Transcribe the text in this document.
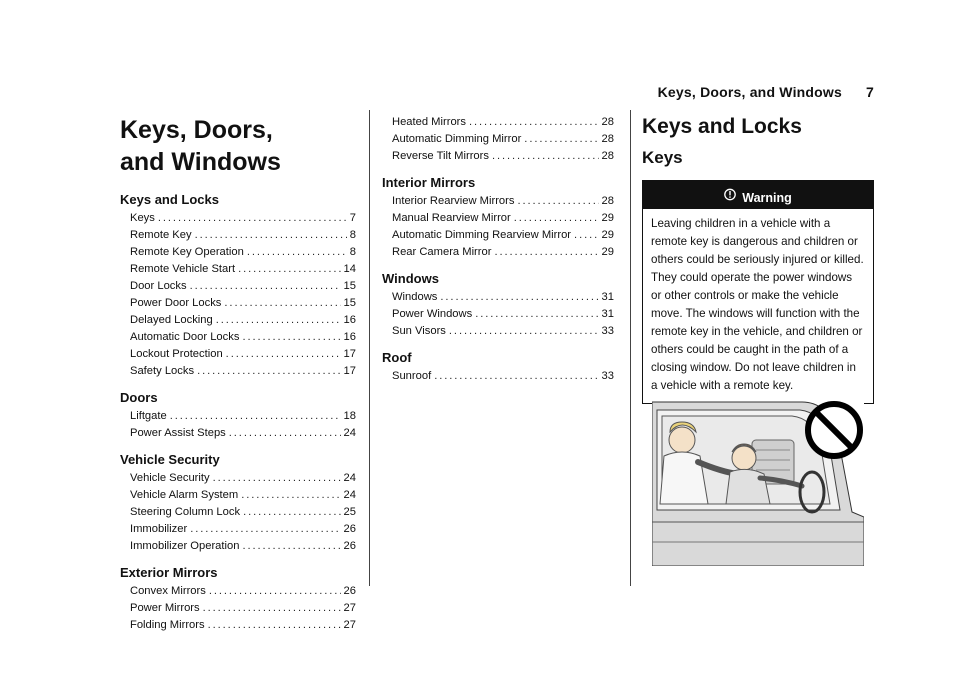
Keys, Doors, and Windows 7
Keys, Doors, and Windows
Keys and Locks
Keys . . .	7
Remote Key . . .	8
Remote Key Operation . . .	8
Remote Vehicle Start . . .	14
Door Locks . . .	15
Power Door Locks . . .	15
Delayed Locking . . .	16
Automatic Door Locks . . .	16
Lockout Protection . . .	17
Safety Locks . . .	17
Doors
Liftgate . . .	18
Power Assist Steps . . .	24
Vehicle Security
Vehicle Security . . .	24
Vehicle Alarm System . . .	24
Steering Column Lock . . .	25
Immobilizer . . .	26
Immobilizer Operation . . .	26
Exterior Mirrors
Convex Mirrors . . .	26
Power Mirrors . . .	27
Folding Mirrors . . .	27
Heated Mirrors . . .	28
Automatic Dimming Mirror . . .	28
Reverse Tilt Mirrors . . .	28
Interior Mirrors
Interior Rearview Mirrors . . .	28
Manual Rearview Mirror . . .	29
Automatic Dimming Rearview Mirror . . .	29
Rear Camera Mirror . . .	29
Windows
Windows . . .	31
Power Windows . . .	31
Sun Visors . . .	33
Roof
Sunroof . . .	33
Keys and Locks
Keys
Warning
Leaving children in a vehicle with a remote key is dangerous and children or others could be seriously injured or killed. They could operate the power windows or other controls or make the vehicle move. The windows will function with the remote key in the vehicle, and children or others could be caught in the path of a closing window. Do not leave children in a vehicle with a remote key.
